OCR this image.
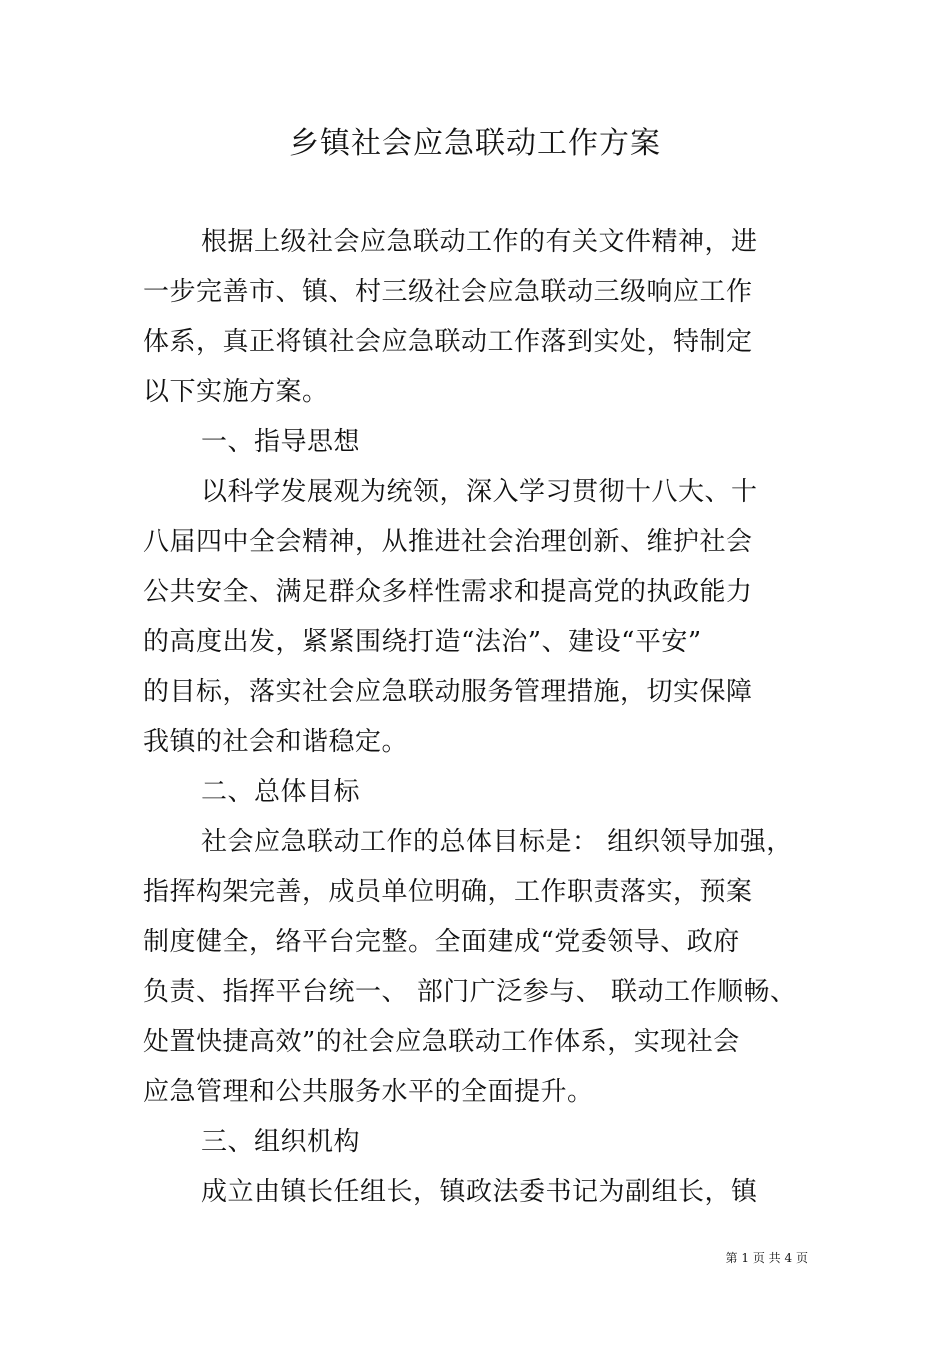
乡镇社会应急联动工作方案
根据上级社会应急联动工作的有关文件精神，进
一步完善市、镇、村三级社会应急联动三级响应工作
体系，真正将镇社会应急联动工作落到实处，特制定
以下实施方案。
一、指导思想
以科学发展观为统领，深入学习贯彻十八大、十
八届四中全会精神，从推进社会治理创新、维护社会
公共安全、满足群众多样性需求和提高党的执政能力
的高度出发，紧紧围绕打造“法治”、建设“平安”
的目标，落实社会应急联动服务管理措施，切实保障
我镇的社会和谐稳定。
二、总体目标
社会应急联动工作的总体目标是： 组织领导加强，
指挥构架完善，成员单位明确，工作职责落实，预案
制度健全，络平台完整。全面建成“党委领导、政府
负责、指挥平台统一、 部门广泛参与、 联动工作顺畅、
处置快捷高效”的社会应急联动工作体系，实现社会
应急管理和公共服务水平的全面提升。
三、组织机构
成立由镇长任组长，镇政法委书记为副组长，镇
第 1 页 共 4 页
